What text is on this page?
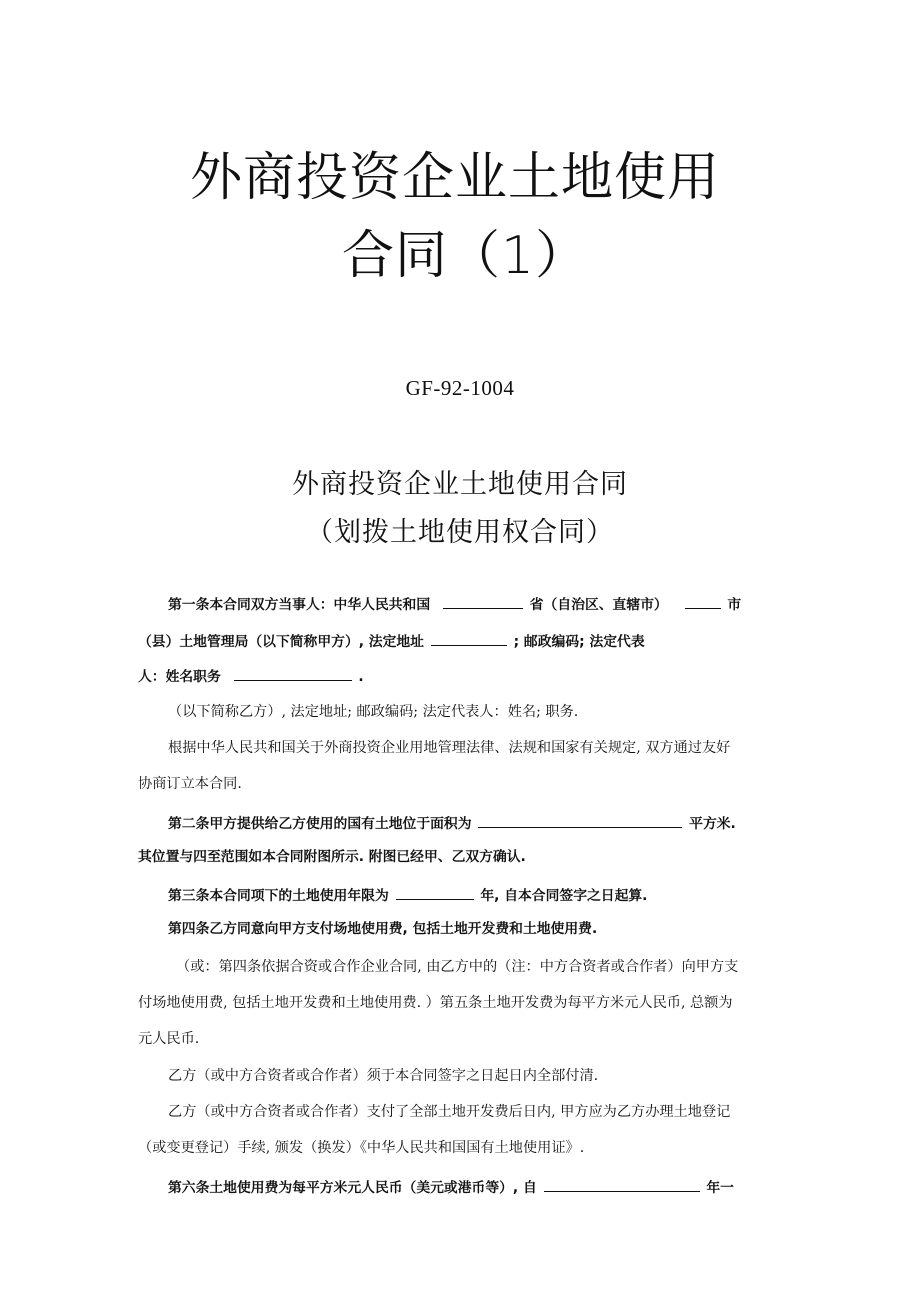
外商投资企业土地使用
合同（1）
GF-92-1004
外商投资企业土地使用合同
（划拨土地使用权合同）
第一条本合同双方当事人：中华人民共和国	省（自治区、直辖市）	市
（县）土地管理局（以下简称甲方）, 法定地址	; 邮政编码; 法定代表
人：姓名职务	.
（以下简称乙方）, 法定地址; 邮政编码; 法定代表人：姓名; 职务.
根据中华人民共和国关于外商投资企业用地管理法律、法规和国家有关规定, 双方通过友好
协商订立本合同.
第二条甲方提供给乙方使用的国有土地位于面积为	平方米.
其位置与四至范围如本合同附图所示. 附图已经甲、乙双方确认.
第三条本合同项下的土地使用年限为	年, 自本合同签字之日起算.
第四条乙方同意向甲方支付场地使用费, 包括土地开发费和土地使用费.
（或：第四条依据合资或合作企业合同, 由乙方中的（注：中方合资者或合作者）向甲方支
付场地使用费, 包括土地开发费和土地使用费. ）第五条土地开发费为每平方米元人民币, 总额为
元人民币.
乙方（或中方合资者或合作者）须于本合同签字之日起日内全部付清.
乙方（或中方合资者或合作者）支付了全部土地开发费后日内, 甲方应为乙方办理土地登记
（或变更登记）手续, 颁发（换发）《中华人民共和国国有土地使用证》.
第六条土地使用费为每平方米元人民币（美元或港币等）, 自	年一
